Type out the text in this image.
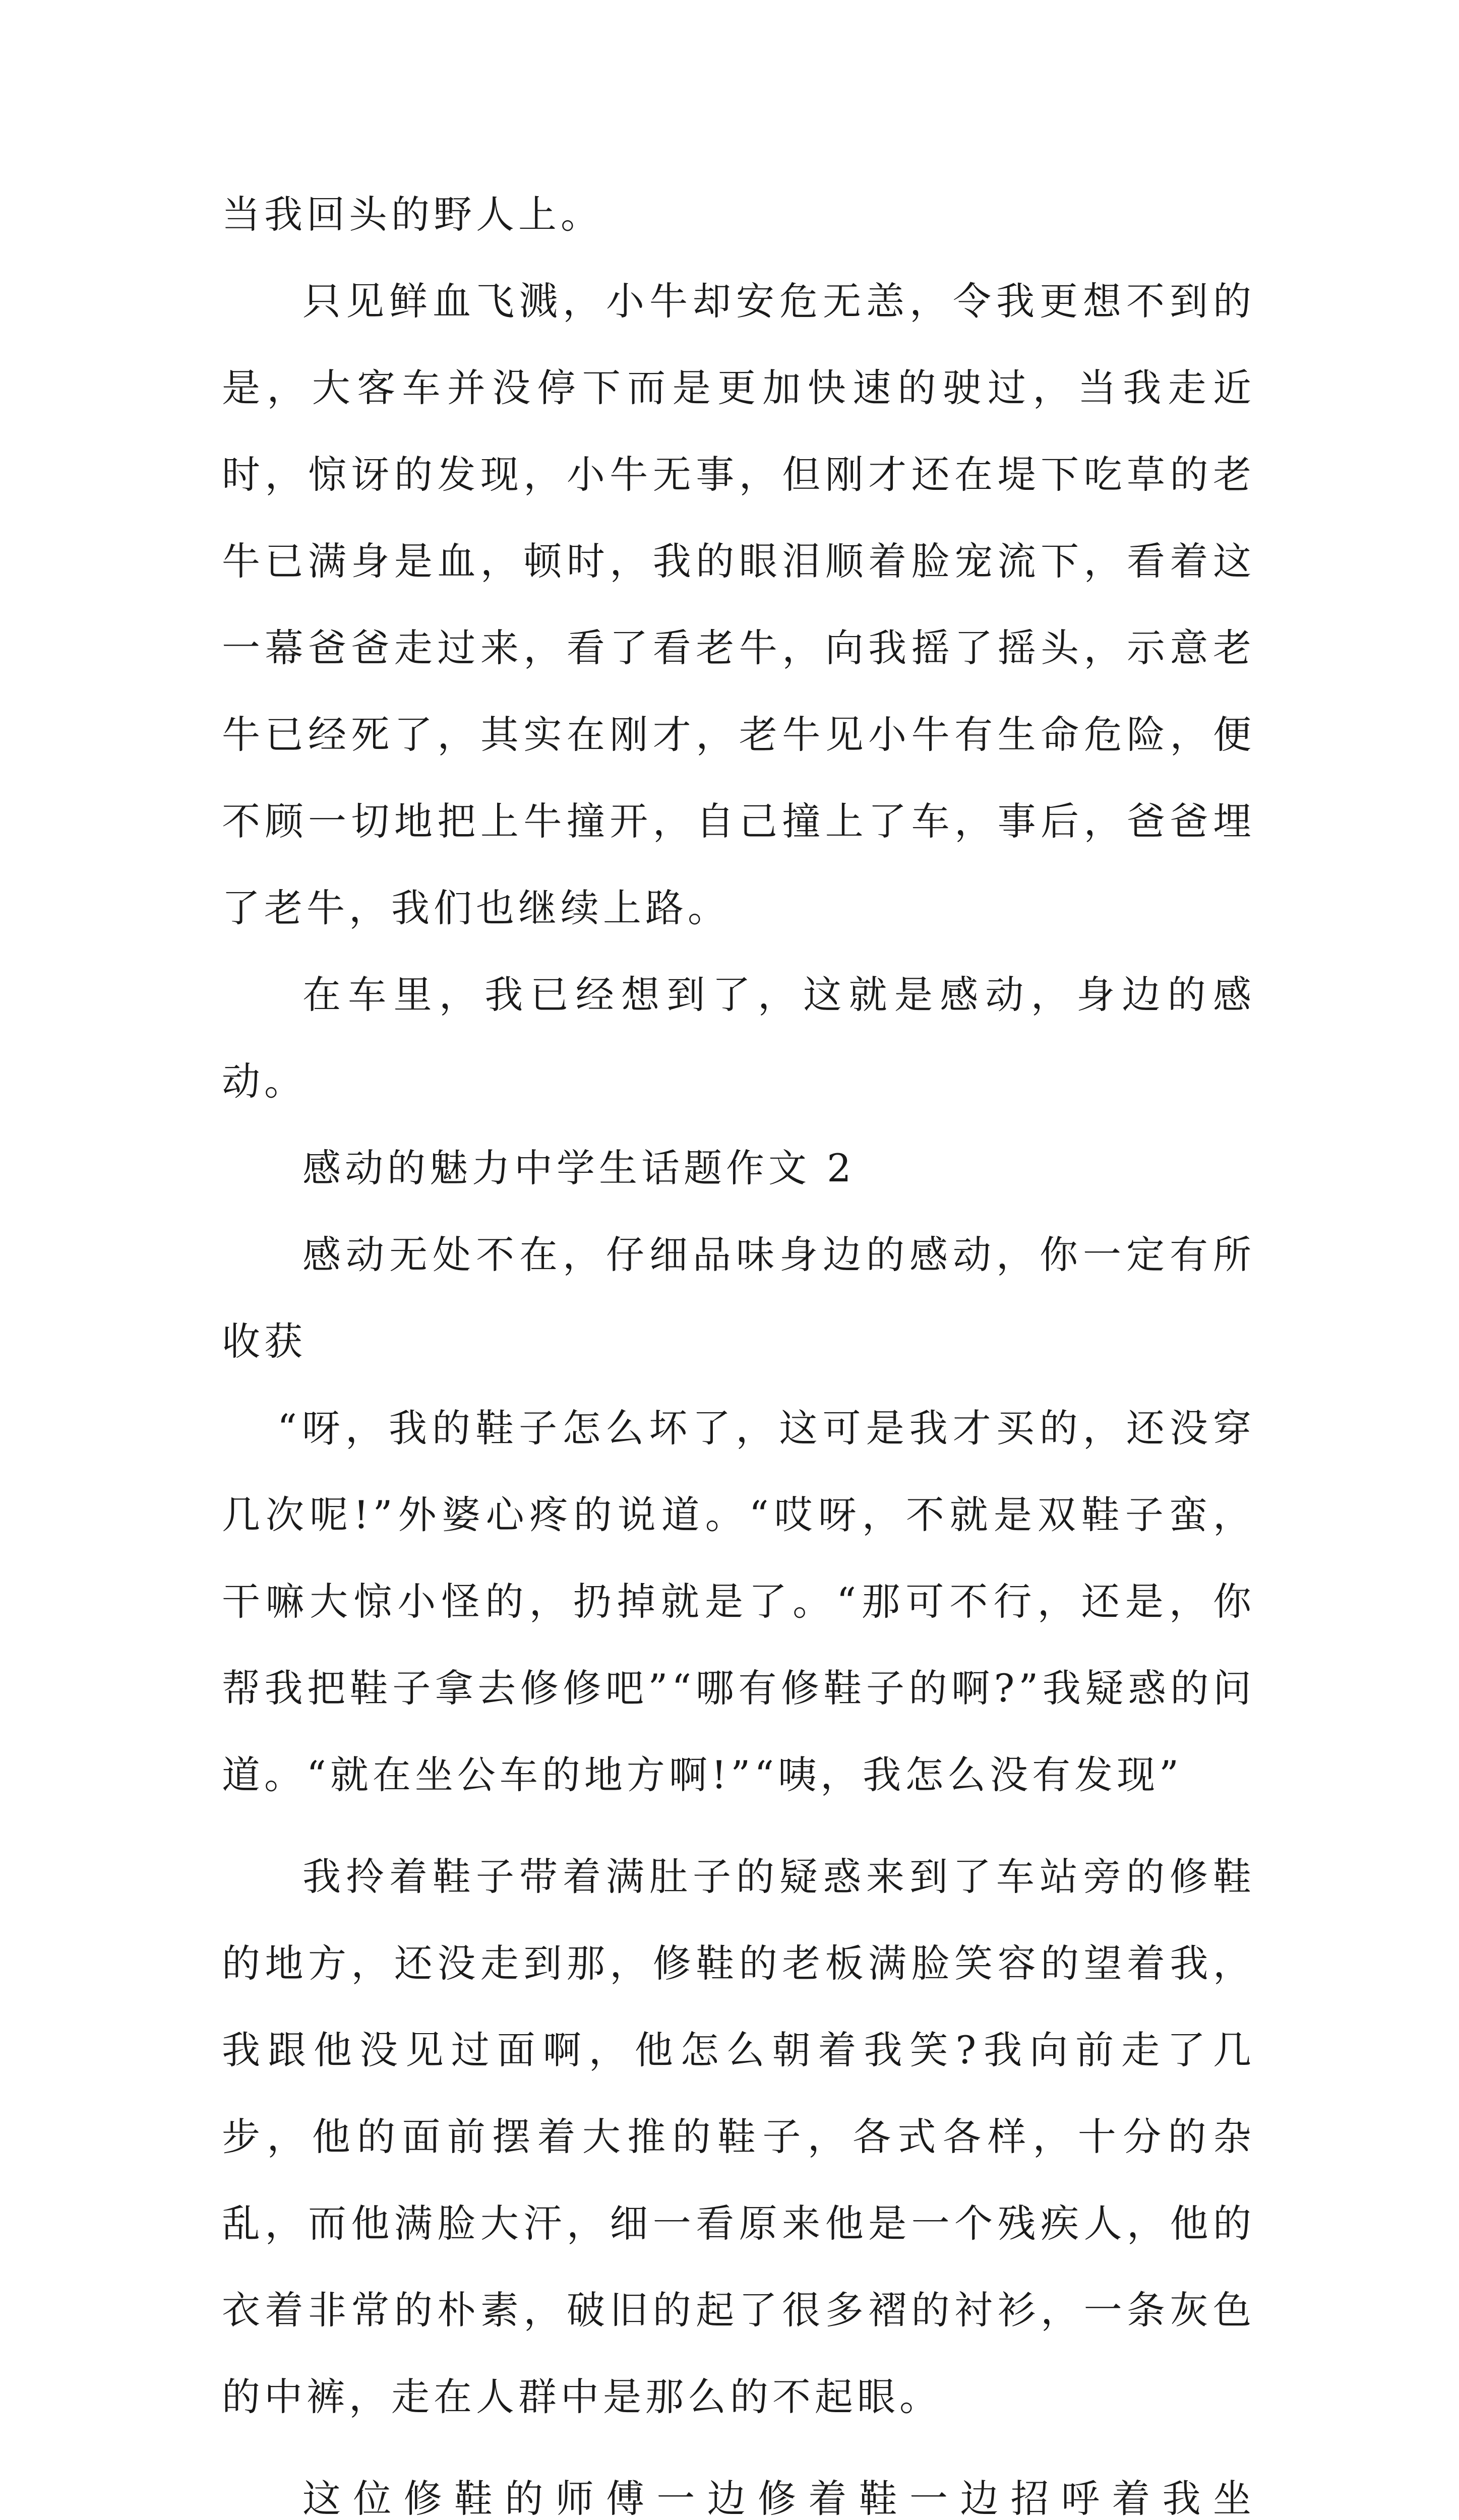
当我回头的野人上。

只见鲜血飞溅，小牛却安危无恙，令我更想不到的是，大客车并没停下而是更加快速的驶过，当我走近时，惊讶的发现，小牛无事，但刚才还在堤下吃草的老牛已满身是血，顿时，我的眼泪顺着脸宠流下，看着这一幕爸爸走过来，看了看老牛，向我摇了摇头，示意老牛已经死了，其实在刚才，老牛见小牛有生命危险，便不顾一切地把上牛撞开，自己撞上了车，事后，爸爸埋了老牛，我们也继续上路。

在车里，我已经想到了，这就是感动，身边的感动。

感动的魅力中学生话题作文 2

感动无处不在，仔细品味身边的感动，你一定有所收获

“呀，我的鞋子怎么坏了，这可是我才买的，还没穿几次呢!”外婆心疼的说道。“哎呀，不就是双鞋子蛮，干嘛大惊小怪的，扔掉就是了。“那可不行，还是，你帮我把鞋子拿去修修吧”“哪有修鞋子的啊?”我疑惑的问道。“就在坐公车的地方啊!”“咦，我怎么没有发现”

我拎着鞋子带着满肚子的疑惑来到了车站旁的修鞋的地方，还没走到那，修鞋的老板满脸笑容的望着我，我跟他没见过面啊，他怎么朝着我笑?我向前走了几步，他的面前摆着大推的鞋子，各式各样，十分的杂乱，而他满脸大汗，细一看原来他是一个残疾人，他的衣着非常的朴素，破旧的起了很多褶的衬衫，一条灰色的中裤，走在人群中是那么的不起眼。

这位修鞋的师傅一边修着鞋一边招呼着我坐
